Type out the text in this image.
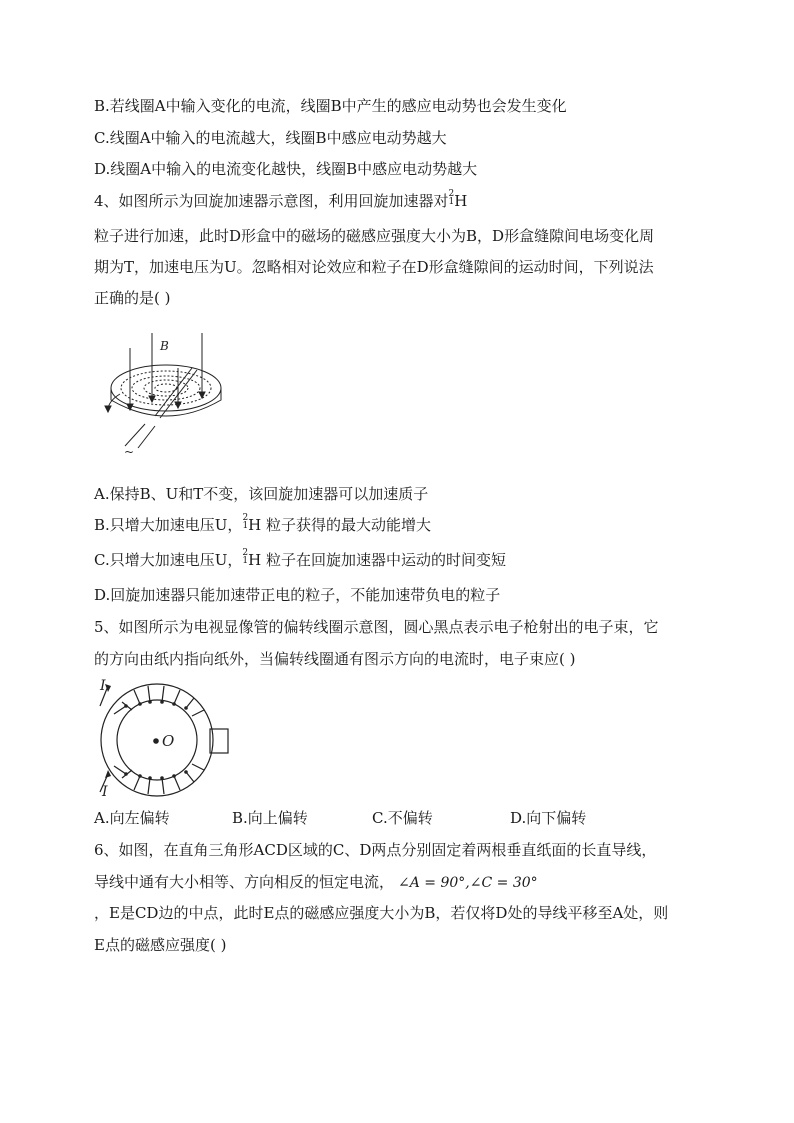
B.若线圈A中输入变化的电流，线圈B中产生的感应电动势也会发生变化
C.线圈A中输入的电流越大，线圈B中感应电动势越大
D.线圈A中输入的电流变化越快，线圈B中感应电动势越大
4、如图所示为回旋加速器示意图，利用回旋加速器对 2
1 H
粒子进行加速，此时D形盒中的磁场的磁感应强度大小为B，D形盒缝隙间电场变化周
期为T，加速电压为U。忽略相对论效应和粒子在D形盒缝隙间的运动时间，下列说法
正确的是( )
B
~
A.保持B、U和T不变，该回旋加速器可以加速质子
B.只增大加速电压U， 2
1 H 粒子获得的最大动能增大
C.只增大加速电压U， 2
1 H 粒子在回旋加速器中运动的时间变短
D.回旋加速器只能加速带正电的粒子，不能加速带负电的粒子
5、如图所示为电视显像管的偏转线圈示意图，圆心黑点表示电子枪射出的电子束，它
的方向由纸内指向纸外，当偏转线圈通有图示方向的电流时，电子束应( )
I
I
O
A.向左偏转	B.向上偏转	C.不偏转	D.向下偏转
6、如图，在直角三角形ACD区域的C、D两点分别固定着两根垂直纸面的长直导线，
导线中通有大小相等、方向相反的恒定电流， ∠A = 90°,∠C = 30°
，E是CD边的中点，此时E点的磁感应强度大小为B，若仅将D处的导线平移至A处，则
E点的磁感应强度( )
